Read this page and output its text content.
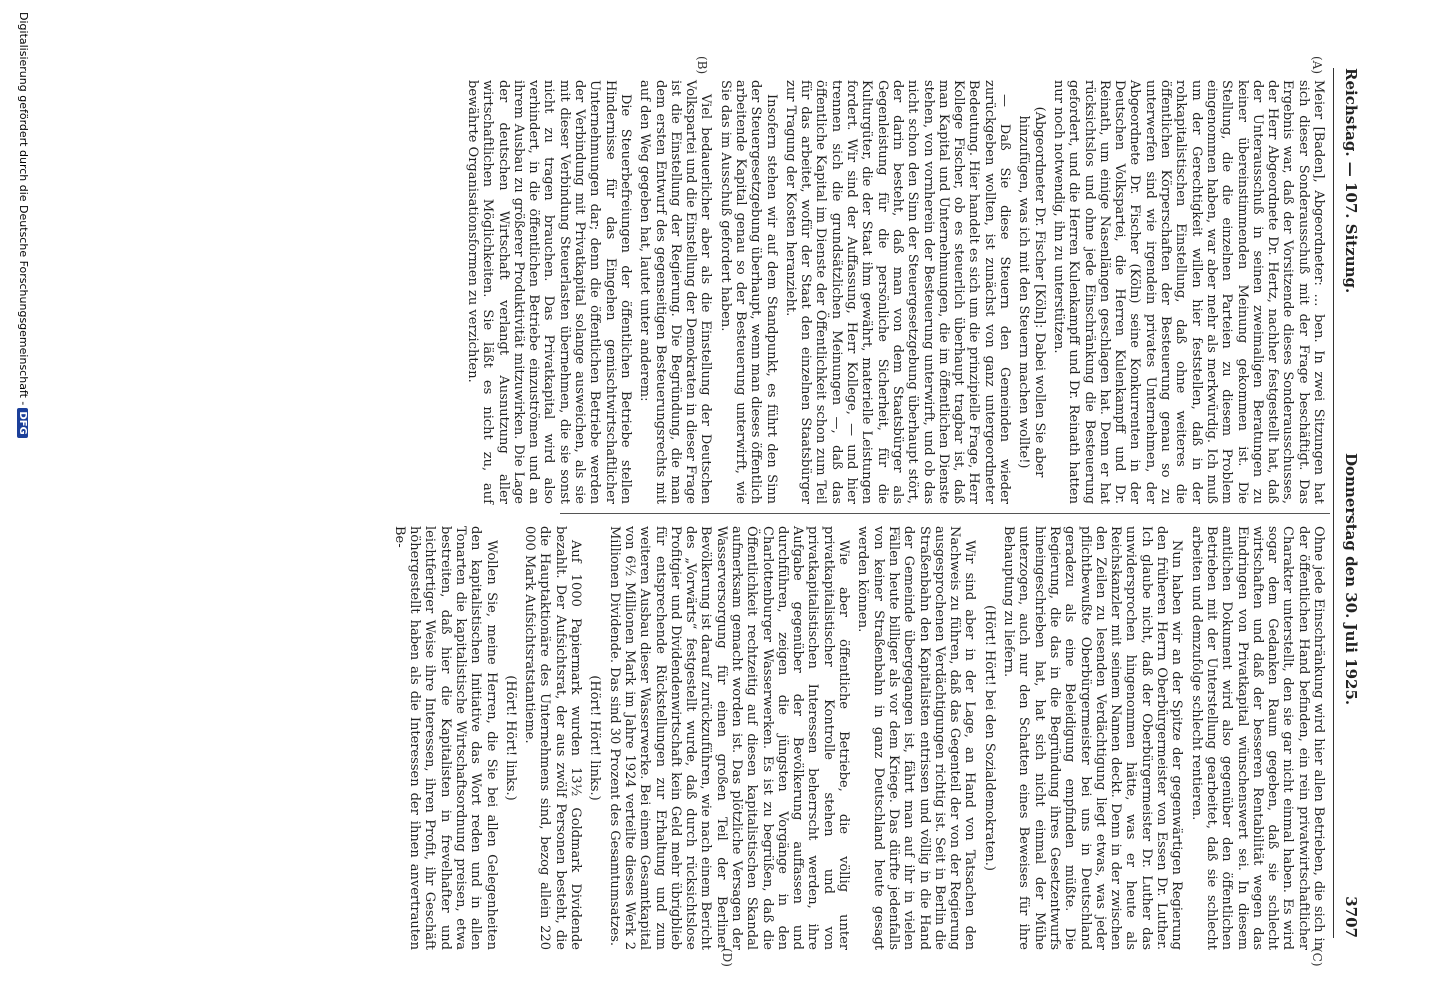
Reichstag. — 107. Sitzung.
Donnerstag den 30. Juli 1925.
3707
(A)
(B)
(C)
(D)

Meier [Baden], Abgeordneter: … ben. In zwei Sitzungen hat sich dieser Sonderausschuß mit der Frage beschäftigt. Das Ergebnis war, daß der Vorsitzende dieses Sonderausschusses, der Herr Abgeordnete Dr. Hertz, nachher festgestellt hat, daß der Unterausschuß in seinen zweimaligen Beratungen zu keiner übereinstimmenden Meinung gekommen ist. Die Stellung, die die einzelnen Parteien zu diesem Problem eingenommen haben, war aber mehr als merkwürdig. Ich muß um der Gerechtigkeit willen hier feststellen, daß in der rohkapitalistischen Einstellung, daß ohne weiteres die öffentlichen Körperschaften der Besteuerung genau so zu unterwerfen sind wie irgendein privates Unternehmen, der Abgeordnete Dr. Fischer (Köln) seine Konkurrenten in der Deutschen Volkspartei, die Herren Kulenkampff und Dr. Reinath, um einige Nasenlängen geschlagen hat. Denn er hat rücksichtslos und ohne jede Einschränkung die Besteuerung gefordert, und die Herren Kulenkampff und Dr. Reinath hatten nur noch notwendig, ihn zu unterstützen.

(Abgeordneter Dr. Fischer [Köln]: Dabei wollen Sie aber hinzufügen, was ich mit den Steuern machen wollte!)

— Daß Sie diese Steuern den Gemeinden wieder zurückgeben wollten, ist zunächst von ganz untergeordneter Bedeutung. Hier handelt es sich um die prinzipielle Frage, Herr Kollege Fischer, ob es steuerlich überhaupt tragbar ist, daß man Kapital und Unternehmungen, die im öffentlichen Dienste stehen, von vornherein der Besteuerung unterwirft, und ob das nicht schon den Sinn der Steuergesetzgebung überhaupt stört, der darin besteht, daß man von dem Staatsbürger als Gegenleistung für die persönliche Sicherheit, für die Kulturgüter, die der Staat ihm gewährt, materielle Leistungen fordert. Wir sind der Auffassung, Herr Kollege, — und hier trennen sich die grundsätzlichen Meinungen —, daß das öffentliche Kapital im Dienste der Öffentlichkeit schon zum Teil für das arbeitet, wofür der Staat den einzelnen Staatsbürger zur Tragung der Kosten heranzieht.

Insofern stehen wir auf dem Standpunkt, es führt den Sinn der Steuergesetzgebung überhaupt, wenn man dieses öffentlich arbeitende Kapital genau so der Besteuerung unterwirft, wie Sie das im Ausschuß gefordert haben.

Viel bedauerlicher aber als die Einstellung der Deutschen Volkspartei und die Einstellung der Demokraten in dieser Frage ist die Einstellung der Regierung. Die Begründung, die man dem ersten Entwurf des gegenseitigen Besteuerungsrechts mit auf den Weg gegeben hat, lautet unter anderem:

Die Steuerbefreiungen der öffentlichen Betriebe stellen Hindernisse für das Eingehen gemischtwirtschaftlicher Unternehmungen dar; denn die öffentlichen Betriebe werden der Verbindung mit Privatkapital solange ausweichen, als sie mit dieser Verbindung Steuerlasten übernehmen, die sie sonst nicht zu tragen brauchen. Das Privatkapital wird also verhindert, in die öffentlichen Betriebe einzuströmen und an ihrem Ausbau zu größerer Produktivität mitzuwirken. Die Lage der deutschen Wirtschaft verlangt Ausnutzung aller wirtschaftlichen Möglichkeiten. Sie läßt es nicht zu, auf bewährte Organisationsformen zu verzichten.

Ohne jede Einschränkung wird hier allen Betrieben, die sich in der öffentlichen Hand befinden, ein rein privatwirtschaftlicher Charakter unterstellt, den sie gar nicht einmal haben. Es wird sogar dem Gedanken Raum gegeben, daß sie schlecht wirtschaften und daß der besseren Rentabilität wegen das Eindringen von Privatkapital wünschenswert sei. In diesem amtlichen Dokument wird also gegenüber den öffentlichen Betrieben mit der Unterstellung gearbeitet, daß sie schlecht arbeiten und demzufolge schlecht rentieren.

Nun haben wir an der Spitze der gegenwärtigen Regierung den früheren Herrn Oberbürgermeister von Essen Dr. Luther. Ich glaube nicht, daß der Oberbürgermeister Dr. Luther das unwidersprochen hingenommen hätte, was er heute als Reichskanzler mit seinem Namen deckt. Denn in der zwischen den Zeilen zu lesenden Verdächtigung liegt etwas, was jeder pflichtbewußte Oberbürgermeister bei uns in Deutschland geradezu als eine Beleidigung empfinden müßte. Die Regierung, die das in die Begründung ihres Gesetzentwurfs hineingeschrieben hat, hat sich nicht einmal der Mühe unterzogen, auch nur den Schatten eines Beweises für ihre Behauptung zu liefern.

(Hört! Hört! bei den Sozialdemokraten.)

Wir sind aber in der Lage, an Hand von Tatsachen den Nachweis zu führen, daß das Gegenteil der von der Regierung ausgesprochenen Verdächtigungen richtig ist. Seit in Berlin die Straßenbahn den Kapitalisten entrissen und völlig in die Hand der Gemeinde übergegangen ist, fährt man auf ihr in vielen Fällen heute billiger als vor dem Kriege. Das dürfte jedenfalls von keiner Straßenbahn in ganz Deutschland heute gesagt werden können.

Wie aber öffentliche Betriebe, die völlig unter privatkapitalistischer Kontrolle stehen und von privatkapitalistischen Interessen beherrscht werden, ihre Aufgabe gegenüber der Bevölkerung auffassen und durchführen, zeigen die jüngsten Vorgänge in den Charlottenburger Wasserwerken. Es ist zu begrüßen, daß die Öffentlichkeit rechtzeitig auf diesen kapitalistischen Skandal aufmerksam gemacht worden ist. Das plötzliche Versagen der Wasserversorgung für einen großen Teil der Berliner Bevölkerung ist darauf zurückzuführen, wie nach einem Bericht des „Vorwärts“ festgestellt wurde, daß durch rücksichtslose Profitgier und Dividendenwirtschaft kein Geld mehr übrigblieb für entsprechende Rückstellungen zur Erhaltung und zum weiteren Ausbau dieser Wasserwerke. Bei einem Gesamtkapital von 6½ Millionen Mark im Jahre 1924 verteilte dieses Werk 2 Millionen Dividende. Das sind 30 Prozent des Gesamtumsatzes.

(Hört! Hört! links.)

Auf 1000 Papiermark wurden 13½ Goldmark Dividende bezahlt. Der Aufsichtsrat, der aus zwölf Personen besteht, die die Hauptaktionäre des Unternehmens sind, bezog allein 220 000 Mark Aufsichtsratstantieme.

(Hört! Hört! links.)

Wollen Sie, meine Herren, die Sie bei allen Gelegenheiten den kapitalistischen Initiative das Wort reden und in allen Tonarten die kapitalistische Wirtschaftsordnung preisen, etwa bestreiten, daß hier die Kapitalisten in frevelhafter und leichtfertiger Weise ihre Interessen, ihren Profit, ihr Geschäft höhergestellt haben als die Interessen der ihnen anvertrauten Be-

Digitalisierung gefördert durch die Deutsche Forschungsgemeinschaft -DFG
